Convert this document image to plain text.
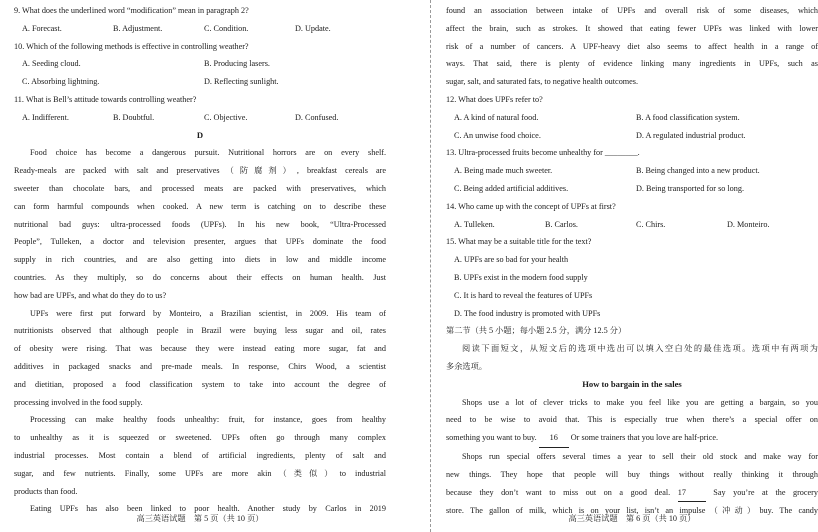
9. What does the underlined word “modification” mean in paragraph 2?
A. Forecast.	B. Adjustment.	C. Condition.	D. Update.
10. Which of the following methods is effective in controlling weather?
A. Seeding cloud.	B. Producing lasers.
C. Absorbing lightning.	D. Reflecting sunlight.
11. What is Bell’s attitude towards controlling weather?
A. Indifferent.	B. Doubtful.	C. Objective.	D. Confused.
D
Food choice has become a dangerous pursuit. Nutritional horrors are on every shelf.
Ready-meals are packed with salt and preservatives（防腐剂）, breakfast cereals are
sweeter than chocolate bars, and processed meats are packed with preservatives, which
can form harmful compounds when cooked. A new term is catching on to describe these
nutritional bad guys: ultra-processed foods (UPFs). In his new book, “Ultra-Processed
People”, Tulleken, a doctor and television presenter, argues that UPFs dominate the food
supply in rich countries, and are also getting into diets in low and middle income
countries. As they multiply, so do concerns about their effects on human health. Just
how bad are UPFs, and what do they do to us?
UPFs were first put forward by Monteiro, a Brazilian scientist, in 2009. His team of
nutritionists observed that although people in Brazil were buying less sugar and oil, rates
of obesity were rising. That was because they were instead eating more sugar, fat and
additives in packaged snacks and pre-made meals. In response, Chirs Wood, a scientist
and dietitian, proposed a food classification system to take into account the degree of
processing involved in the food supply.
Processing can make healthy foods unhealthy: fruit, for instance, goes from healthy
to unhealthy as it is squeezed or sweetened. UPFs often go through many complex
industrial processes. Most contain a blend of artificial ingredients, plenty of salt and
sugar, and few nutrients. Finally, some UPFs are more akin（类似）to industrial
products than food.
Eating UPFs has also been linked to poor health. Another study by Carlos in 2019
高三英语试题　第 5 页（共 10 页）
found an association between intake of UPFs and overall risk of some diseases, which
affect the brain, such as strokes. It showed that eating fewer UPFs was linked with lower
risk of a number of cancers. A UPF-heavy diet also seems to affect health in a range of
ways. That said, there is plenty of evidence linking many ingredients in UPFs, such as
sugar, salt, and saturated fats, to negative health outcomes.
12. What does UPFs refer to?
A. A kind of natural food.	B. A food classification system.
C. An unwise food choice.	D. A regulated industrial product.
13. Ultra-processed fruits become unhealthy for ________.
A. Being made much sweeter.	B. Being changed into a new product.
C. Being added artificial additives.	D. Being transported for so long.
14. Who came up with the concept of UPFs at first?
A. Tulleken.	B. Carlos.	C. Chirs.	D. Monteiro.
15. What may be a suitable title for the text?
A. UPFs are so bad for your health
B. UPFs exist in the modern food supply
C. It is hard to reveal the features of UPFs
D. The food industry is promoted with UPFs
第二节（共 5 小题；每小题 2.5 分，满分 12.5 分）
阅读下面短文，从短文后的选项中选出可以填入空白处的最佳选项。选项中有两项为
多余选项。
How to bargain in the sales
Shops use a lot of clever tricks to make you feel like you are getting a bargain, so you
need to be wise to avoid that. This is especially true when there’s a special offer on
something you want to buy. 16 Or some trainers that you love are half-price.
Shops run special offers several times a year to sell their old stock and make way for
new things. They hope that people will buy things without really thinking it through
because they don’t want to miss out on a good deal. 17 Say you’re at the grocery
store. The gallon of milk, which is on your list, isn’t an impulse（冲动）buy. The candy
高三英语试题　第 6 页（共 10 页）
